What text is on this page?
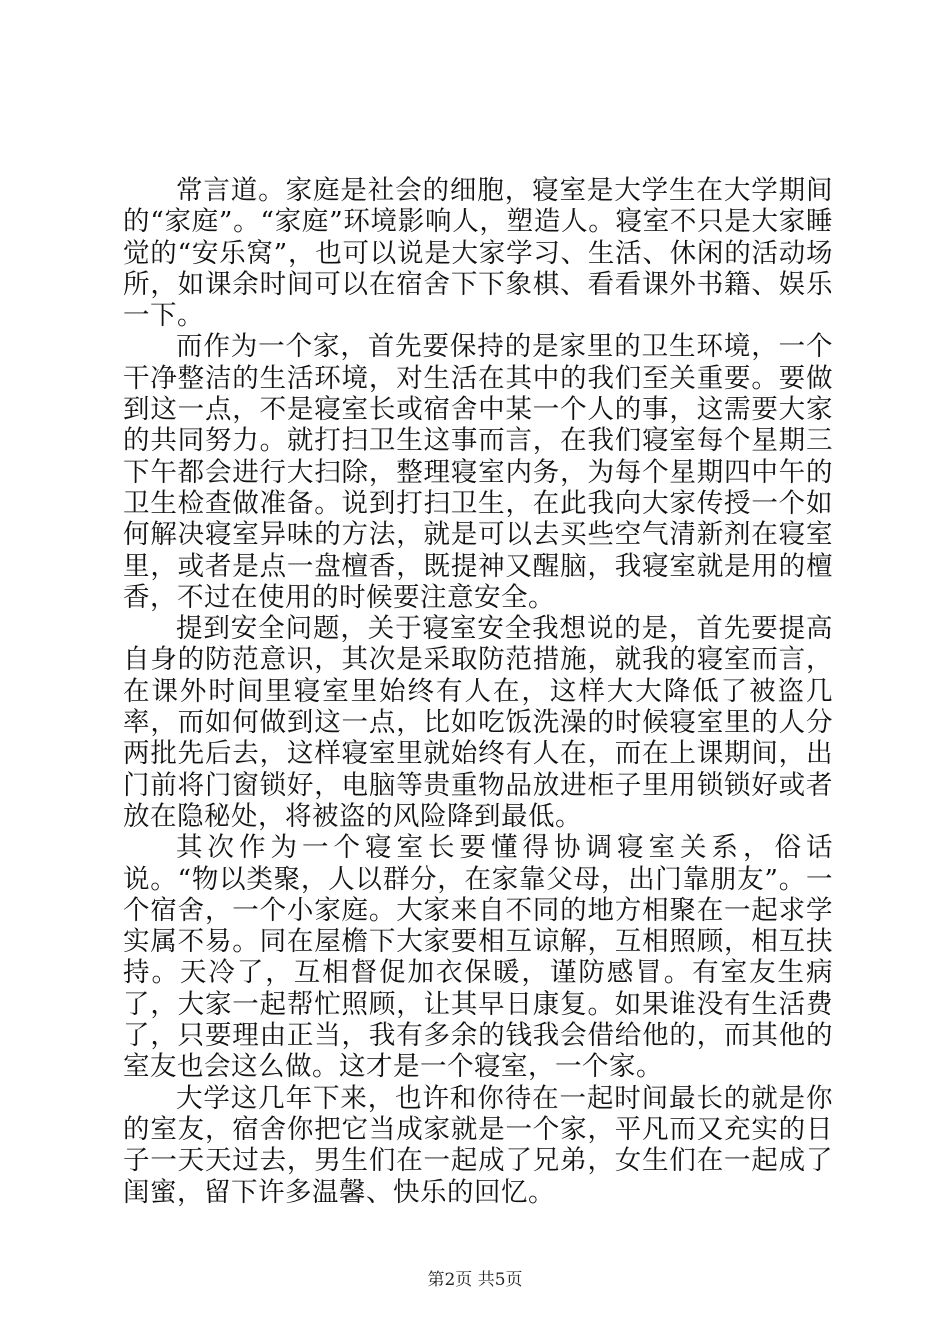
常言道。家庭是社会的细胞，寝室是大学生在大学期间的“家庭”。“家庭”环境影响人，塑造人。寝室不只是大家睡觉的“安乐窝”，也可以说是大家学习、生活、休闲的活动场所，如课余时间可以在宿舍下下象棋、看看课外书籍、娱乐一下。

而作为一个家，首先要保持的是家里的卫生环境，一个干净整洁的生活环境，对生活在其中的我们至关重要。要做到这一点，不是寝室长或宿舍中某一个人的事，这需要大家的共同努力。就打扫卫生这事而言，在我们寝室每个星期三下午都会进行大扫除，整理寝室内务，为每个星期四中午的卫生检查做准备。说到打扫卫生，在此我向大家传授一个如何解决寝室异味的方法，就是可以去买些空气清新剂在寝室里，或者是点一盘檀香，既提神又醒脑，我寝室就是用的檀香，不过在使用的时候要注意安全。

提到安全问题，关于寝室安全我想说的是，首先要提高自身的防范意识，其次是采取防范措施，就我的寝室而言，在课外时间里寝室里始终有人在，这样大大降低了被盗几率，而如何做到这一点，比如吃饭洗澡的时候寝室里的人分两批先后去，这样寝室里就始终有人在，而在上课期间，出门前将门窗锁好，电脑等贵重物品放进柜子里用锁锁好或者放在隐秘处，将被盗的风险降到最低。

其次作为一个寝室长要懂得协调寝室关系，俗话说。“物以类聚，人以群分，在家靠父母，出门靠朋友”。一个宿舍，一个小家庭。大家来自不同的地方相聚在一起求学实属不易。同在屋檐下大家要相互谅解，互相照顾，相互扶持。天冷了，互相督促加衣保暖，谨防感冒。有室友生病了，大家一起帮忙照顾，让其早日康复。如果谁没有生活费了，只要理由正当，我有多余的钱我会借给他的，而其他的室友也会这么做。这才是一个寝室，一个家。

大学这几年下来，也许和你待在一起时间最长的就是你的室友，宿舍你把它当成家就是一个家，平凡而又充实的日子一天天过去，男生们在一起成了兄弟，女生们在一起成了闺蜜，留下许多温馨、快乐的回忆。

第2页 共5页
